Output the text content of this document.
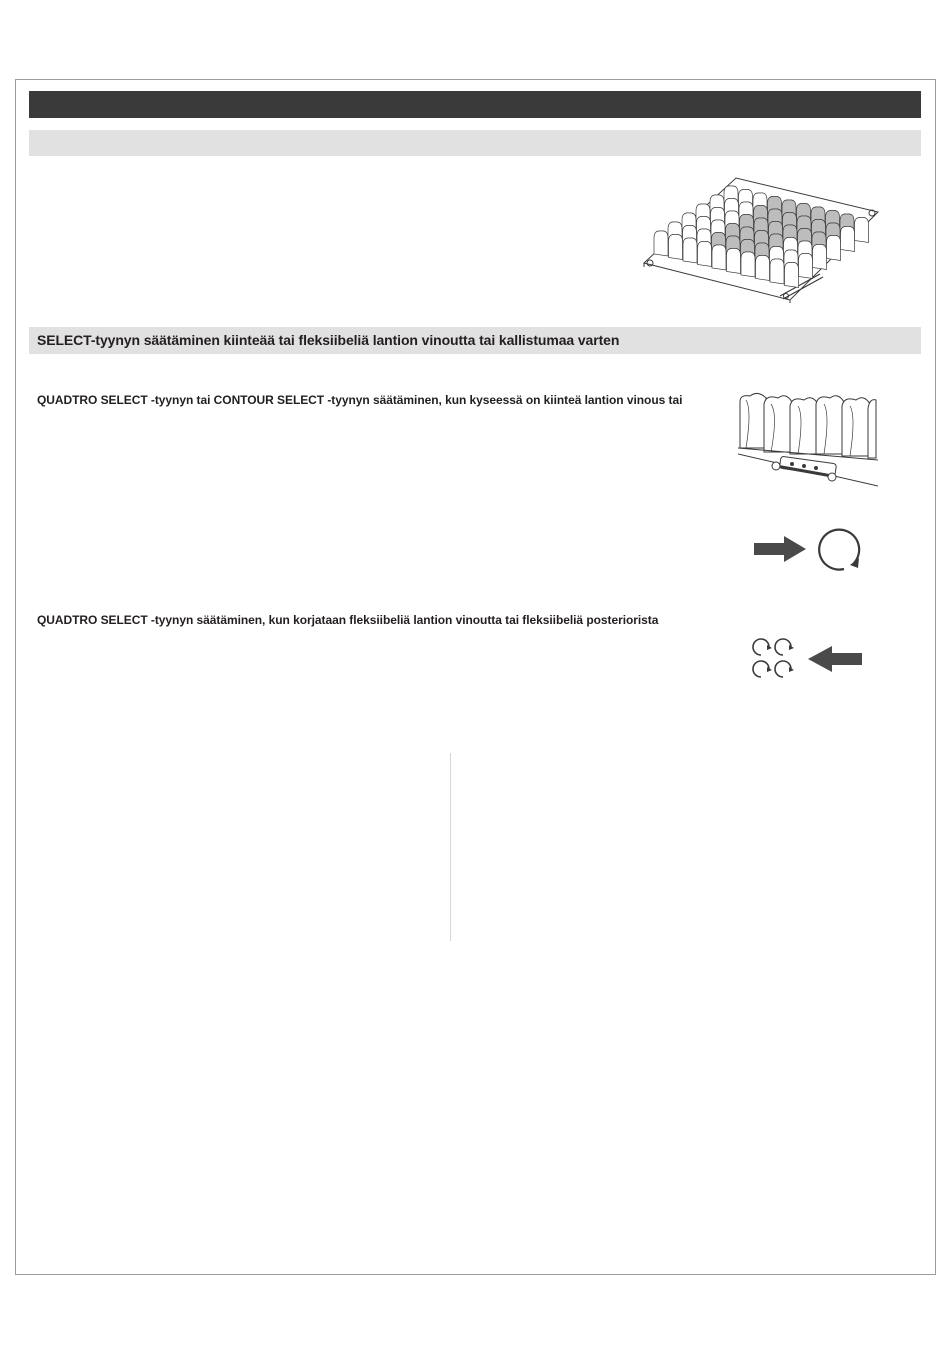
SELECT-tyynyn säätäminen kiinteää tai fleksiibeliä lantion vinoutta tai kallistumaa varten
QUADTRO SELECT -tyynyn tai CONTOUR SELECT -tyynyn säätäminen, kun kyseessä on kiinteä lantion vinous tai
QUADTRO SELECT -tyynyn säätäminen, kun korjataan fleksiibeliä lantion vinoutta tai fleksiibeliä posteriorista
